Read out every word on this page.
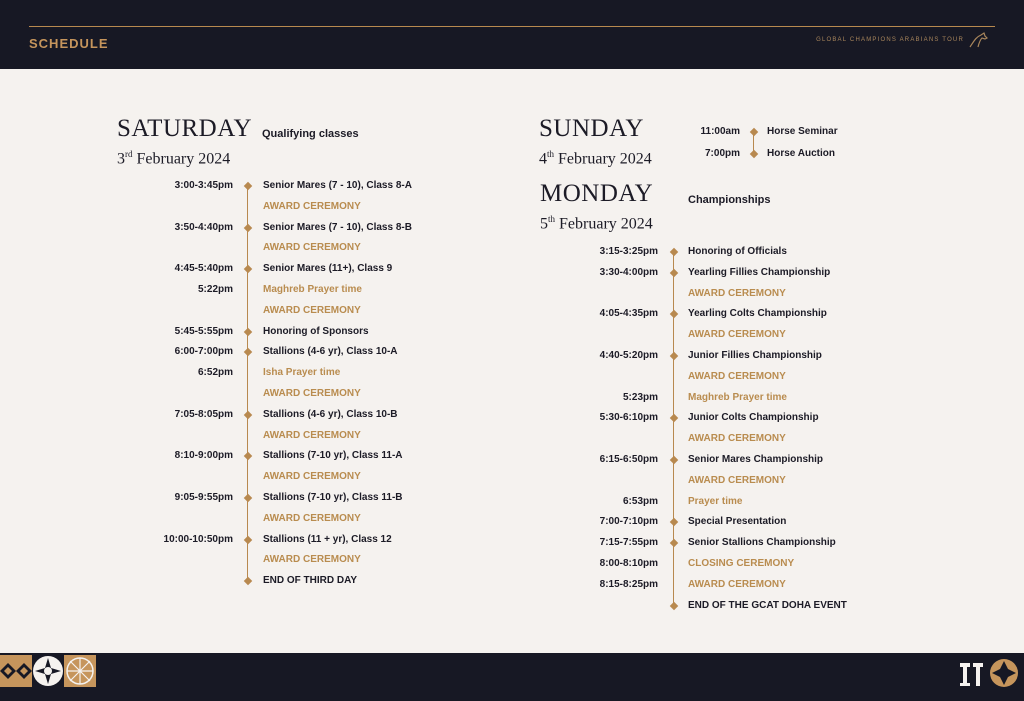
SCHEDULE	GLOBAL CHAMPIONS ARABIANS TOUR
SATURDAY
3rd February 2024
Qualifying classes
3:00-3:45pm	Senior Mares (7 - 10), Class 8-A
AWARD CEREMONY
3:50-4:40pm	Senior Mares (7 - 10), Class 8-B
AWARD CEREMONY
4:45-5:40pm	Senior Mares (11+), Class 9
5:22pm	Maghreb Prayer time
AWARD CEREMONY
5:45-5:55pm	Honoring of Sponsors
6:00-7:00pm	Stallions (4-6 yr), Class 10-A
6:52pm	Isha Prayer time
AWARD CEREMONY
7:05-8:05pm	Stallions (4-6 yr), Class 10-B
AWARD CEREMONY
8:10-9:00pm	Stallions (7-10 yr), Class 11-A
AWARD CEREMONY
9:05-9:55pm	Stallions (7-10 yr), Class 11-B
AWARD CEREMONY
10:00-10:50pm	Stallions (11 + yr), Class 12
AWARD CEREMONY
END OF THIRD DAY
SUNDAY
4th February 2024
11:00am	Horse Seminar
7:00pm	Horse Auction
MONDAY
5th February 2024
Championships
3:15-3:25pm	Honoring of Officials
3:30-4:00pm	Yearling Fillies Championship
AWARD CEREMONY
4:05-4:35pm	Yearling Colts Championship
AWARD CEREMONY
4:40-5:20pm	Junior Fillies Championship
AWARD CEREMONY
5:23pm	Maghreb Prayer time
5:30-6:10pm	Junior Colts Championship
AWARD CEREMONY
6:15-6:50pm	Senior Mares Championship
AWARD CEREMONY
6:53pm	Prayer time
7:00-7:10pm	Special Presentation
7:15-7:55pm	Senior Stallions Championship
8:00-8:10pm	CLOSING CEREMONY
8:15-8:25pm	AWARD CEREMONY
END OF THE GCAT DOHA EVENT
